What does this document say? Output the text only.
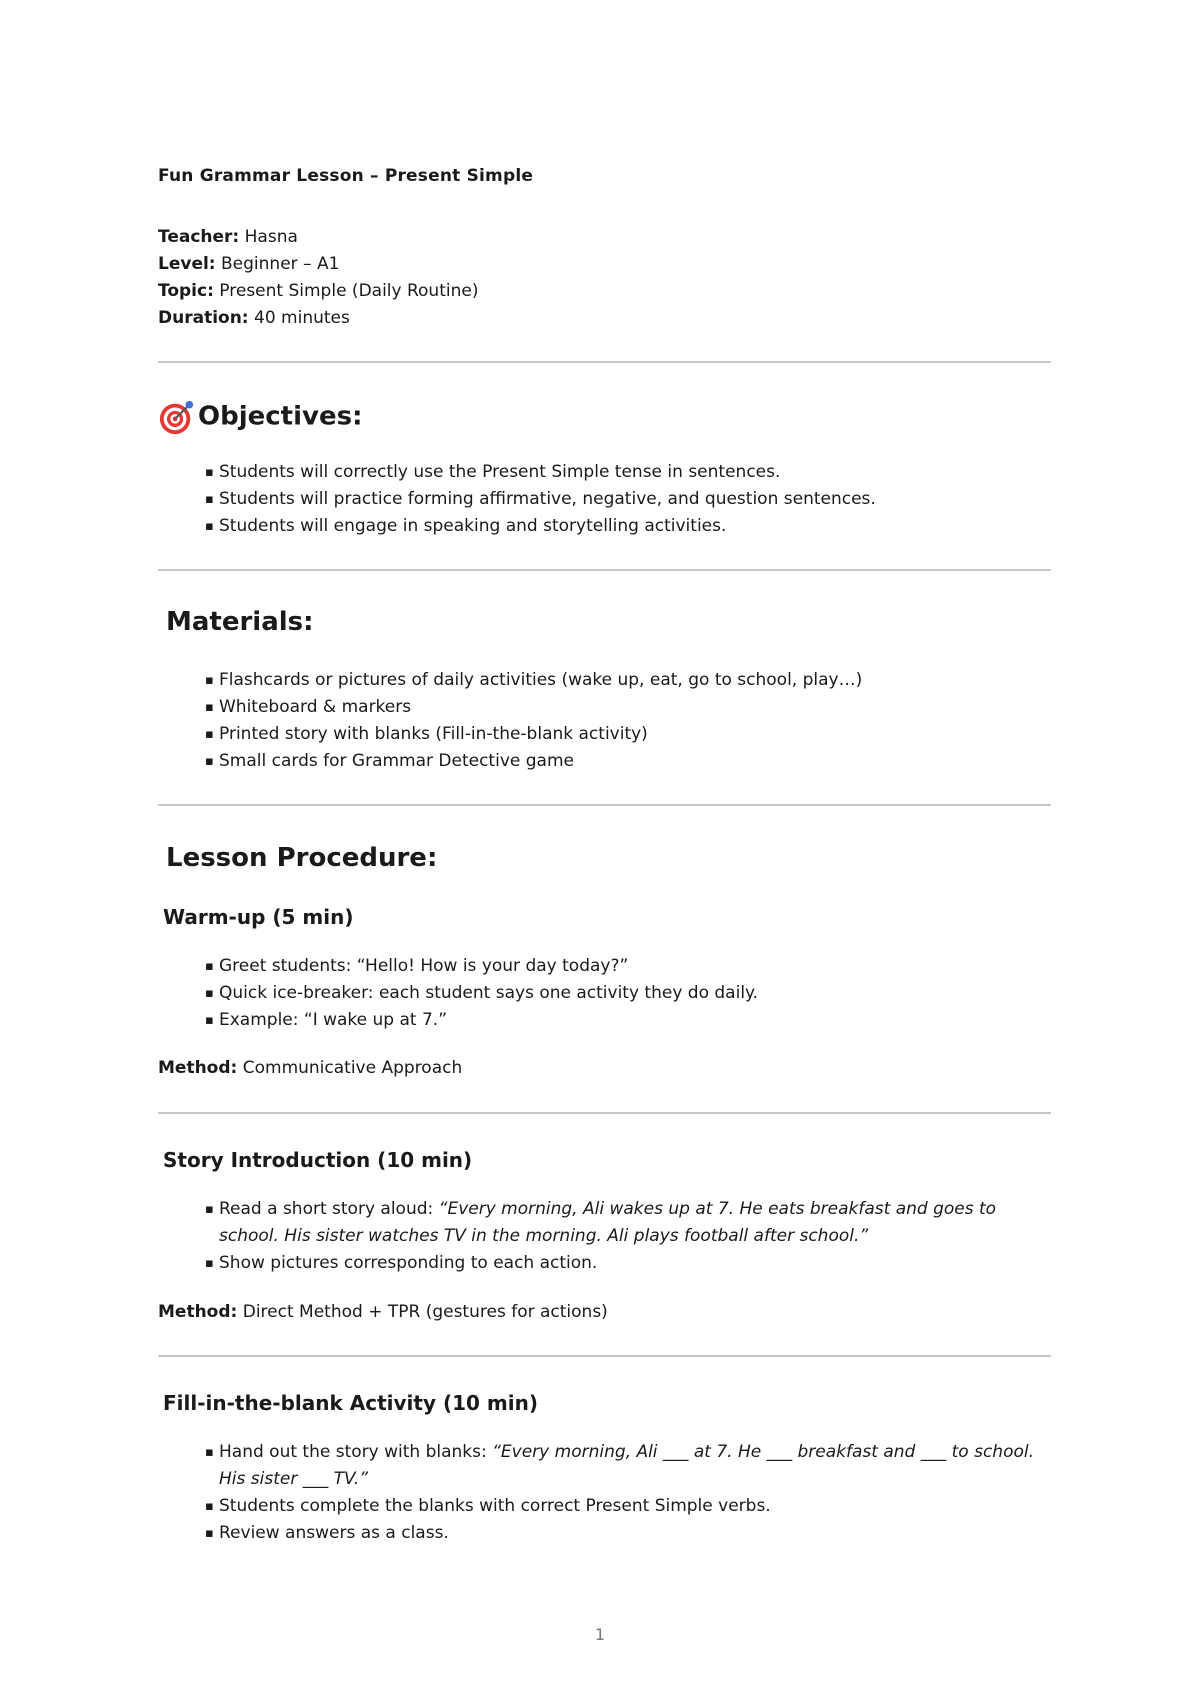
Fun Grammar Lesson – Present Simple
Teacher: Hasna
Level: Beginner – A1
Topic: Present Simple (Daily Routine)
Duration: 40 minutes
Objectives:
▪ Students will correctly use the Present Simple tense in sentences.
▪ Students will practice forming affirmative, negative, and question sentences.
▪ Students will engage in speaking and storytelling activities.
Materials:
▪ Flashcards or pictures of daily activities (wake up, eat, go to school, play…)
▪ Whiteboard & markers
▪ Printed story with blanks (Fill-in-the-blank activity)
▪ Small cards for Grammar Detective game
Lesson Procedure:
Warm-up (5 min)
▪ Greet students: “Hello! How is your day today?”
▪ Quick ice-breaker: each student says one activity they do daily.
▪ Example: “I wake up at 7.”
Method: Communicative Approach
Story Introduction (10 min)
▪ Read a short story aloud: “Every morning, Ali wakes up at 7. He eats breakfast and goes to school. His sister watches TV in the morning. Ali plays football after school.”
▪ Show pictures corresponding to each action.
Method: Direct Method + TPR (gestures for actions)
Fill-in-the-blank Activity (10 min)
▪ Hand out the story with blanks: “Every morning, Ali ___ at 7. He ___ breakfast and ___ to school. His sister ___ TV.”
▪ Students complete the blanks with correct Present Simple verbs.
▪ Review answers as a class.
1
